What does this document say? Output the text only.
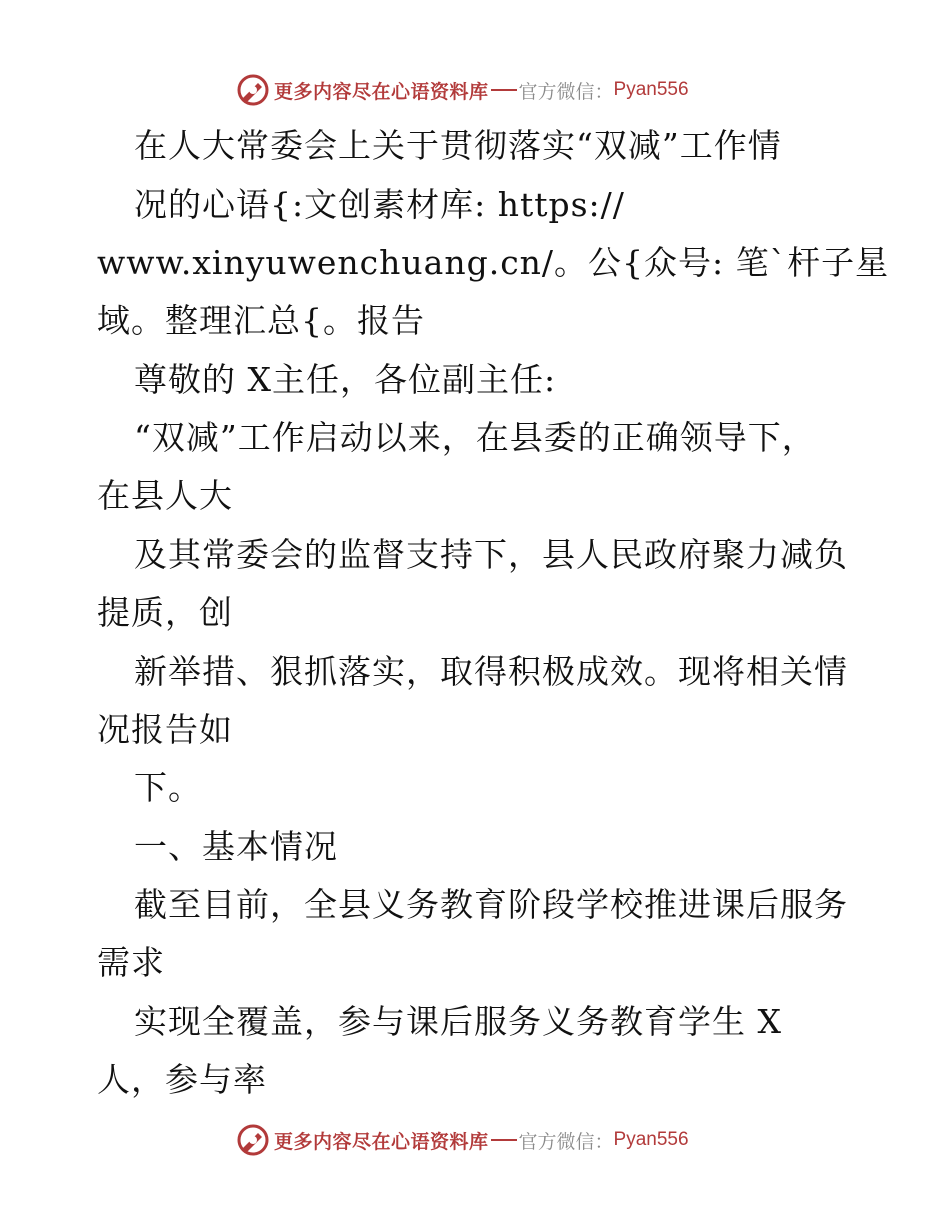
更多内容尽在心语资料库 官方微信： Pyan556
在人大常委会上关于贯彻落实“双减”工作情
况的心语{:文创素材库: https://
www.xinyuwenchuang.cn/。公{众号: 笔`杆子星
域。整理汇总{。报告
尊敬的 X主任，各位副主任:
“双减”工作启动以来，在县委的正确领导下，
在县人大
及其常委会的监督支持下，县人民政府聚力减负
提质，创
新举措、狠抓落实，取得积极成效。现将相关情
况报告如
下。
一、基本情况
截至目前，全县义务教育阶段学校推进课后服务
需求
实现全覆盖，参与课后服务义务教育学生 X
人，参与率
更多内容尽在心语资料库 官方微信： Pyan556
